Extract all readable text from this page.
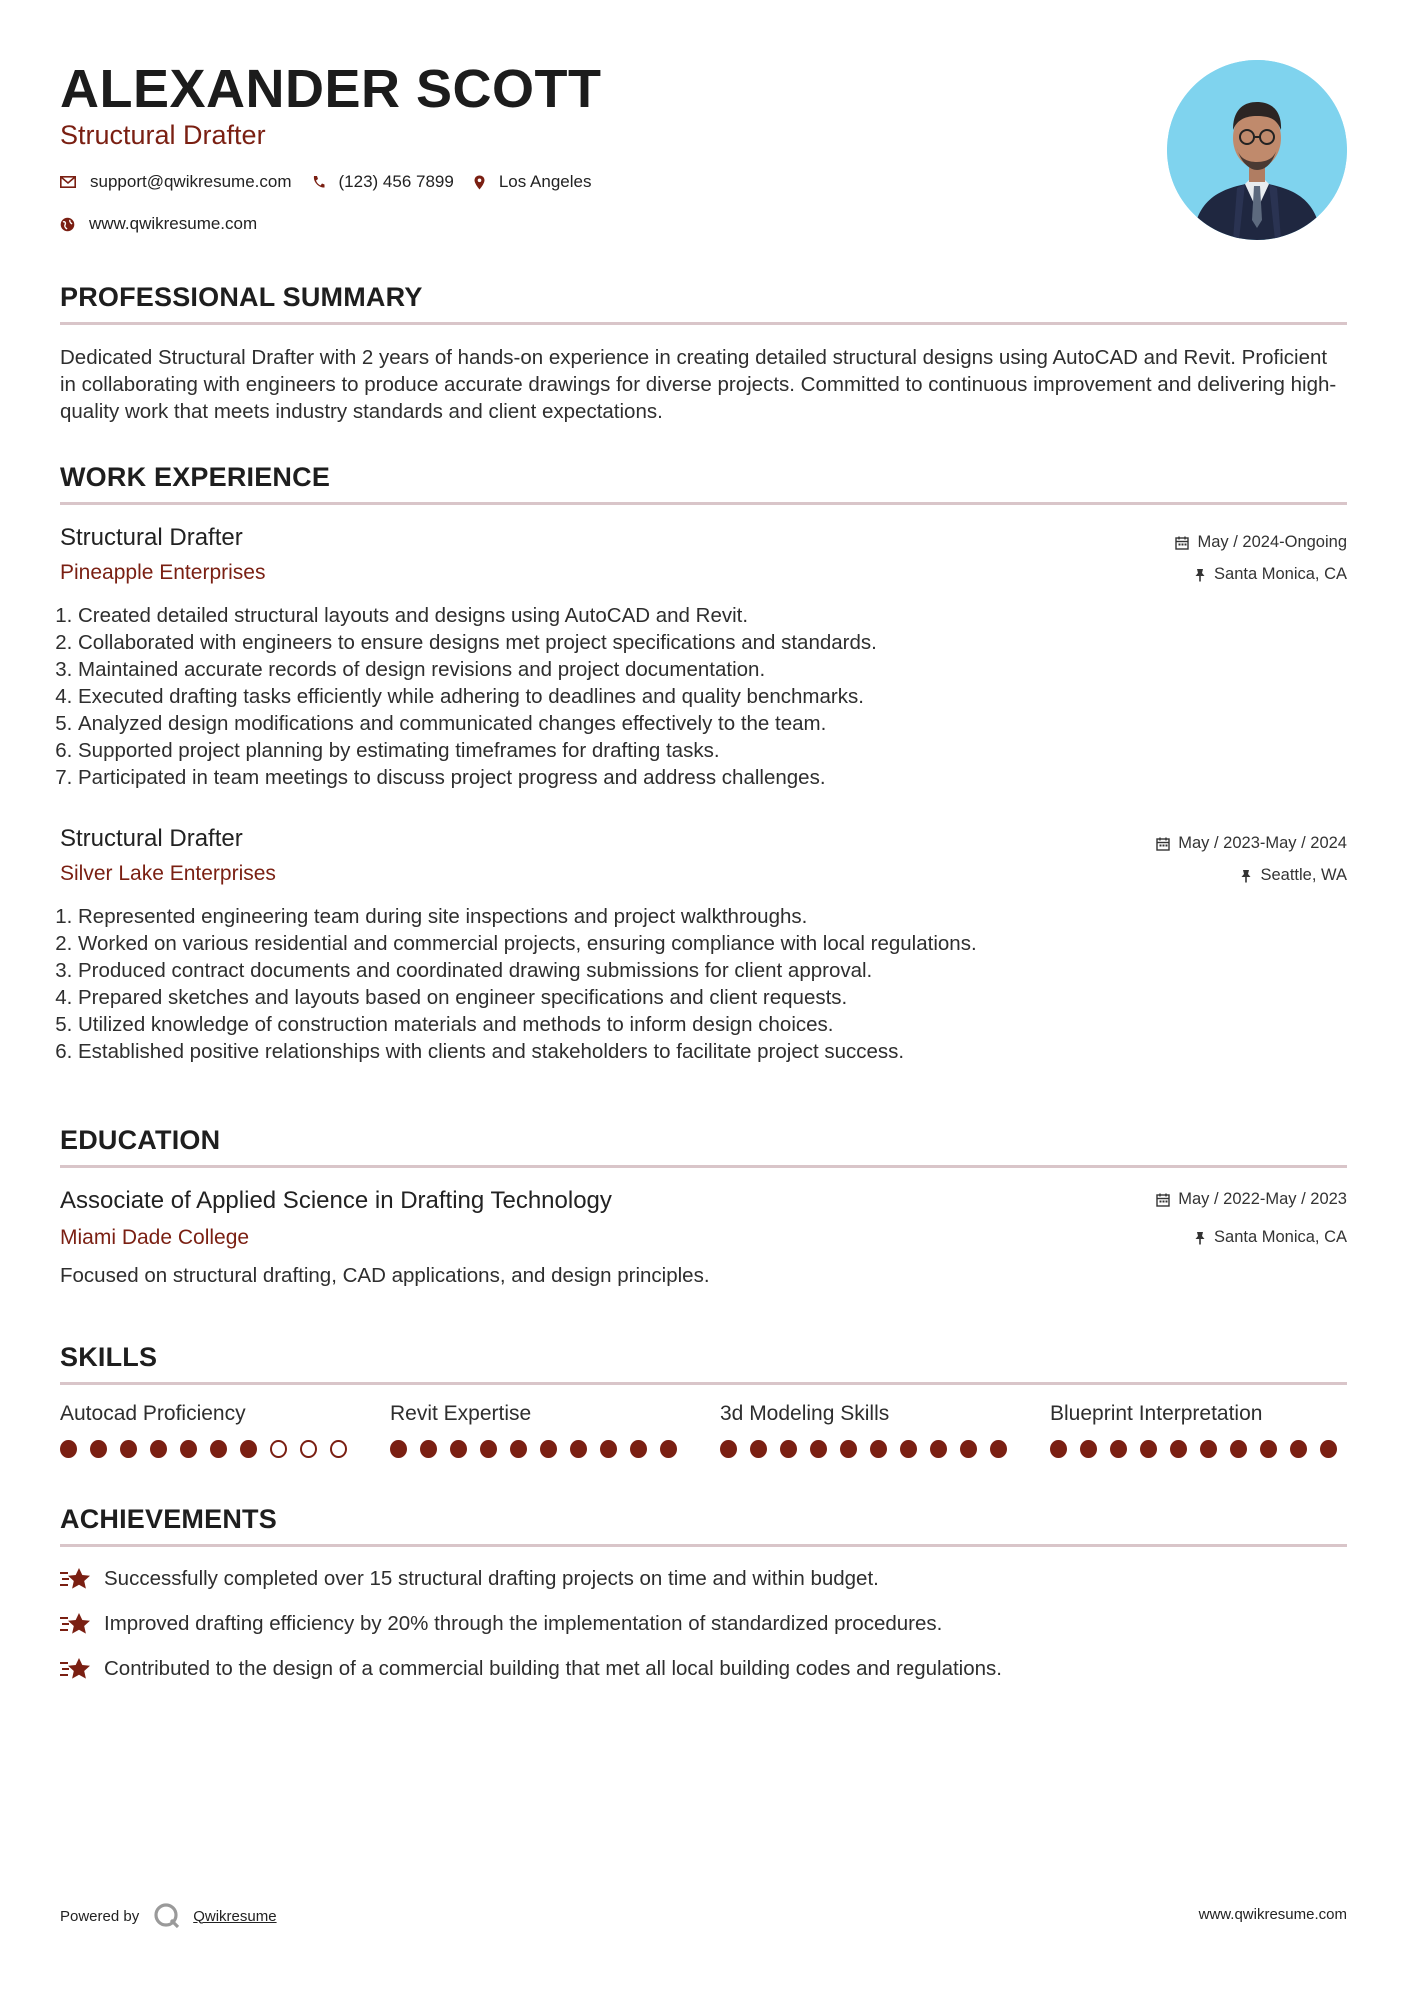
ALEXANDER SCOTT
Structural Drafter
support@qwikresume.com	(123) 456 7899	Los Angeles
www.qwikresume.com
PROFESSIONAL SUMMARY
Dedicated Structural Drafter with 2 years of hands-on experience in creating detailed structural designs using AutoCAD and Revit. Proficient in collaborating with engineers to produce accurate drawings for diverse projects. Committed to continuous improvement and delivering high-quality work that meets industry standards and client expectations.
WORK EXPERIENCE
Structural Drafter
Pineapple Enterprises
May / 2024-Ongoing
Santa Monica, CA
1. Created detailed structural layouts and designs using AutoCAD and Revit.
2. Collaborated with engineers to ensure designs met project specifications and standards.
3. Maintained accurate records of design revisions and project documentation.
4. Executed drafting tasks efficiently while adhering to deadlines and quality benchmarks.
5. Analyzed design modifications and communicated changes effectively to the team.
6. Supported project planning by estimating timeframes for drafting tasks.
7. Participated in team meetings to discuss project progress and address challenges.
Structural Drafter
Silver Lake Enterprises
May / 2023-May / 2024
Seattle, WA
1. Represented engineering team during site inspections and project walkthroughs.
2. Worked on various residential and commercial projects, ensuring compliance with local regulations.
3. Produced contract documents and coordinated drawing submissions for client approval.
4. Prepared sketches and layouts based on engineer specifications and client requests.
5. Utilized knowledge of construction materials and methods to inform design choices.
6. Established positive relationships with clients and stakeholders to facilitate project success.
EDUCATION
Associate of Applied Science in Drafting Technology
Miami Dade College
May / 2022-May / 2023
Santa Monica, CA
Focused on structural drafting, CAD applications, and design principles.
SKILLS
Autocad Proficiency	Revit Expertise	3d Modeling Skills	Blueprint Interpretation
ACHIEVEMENTS
Successfully completed over 15 structural drafting projects on time and within budget.
Improved drafting efficiency by 20% through the implementation of standardized procedures.
Contributed to the design of a commercial building that met all local building codes and regulations.
Powered by	Qwikresume	www.qwikresume.com
